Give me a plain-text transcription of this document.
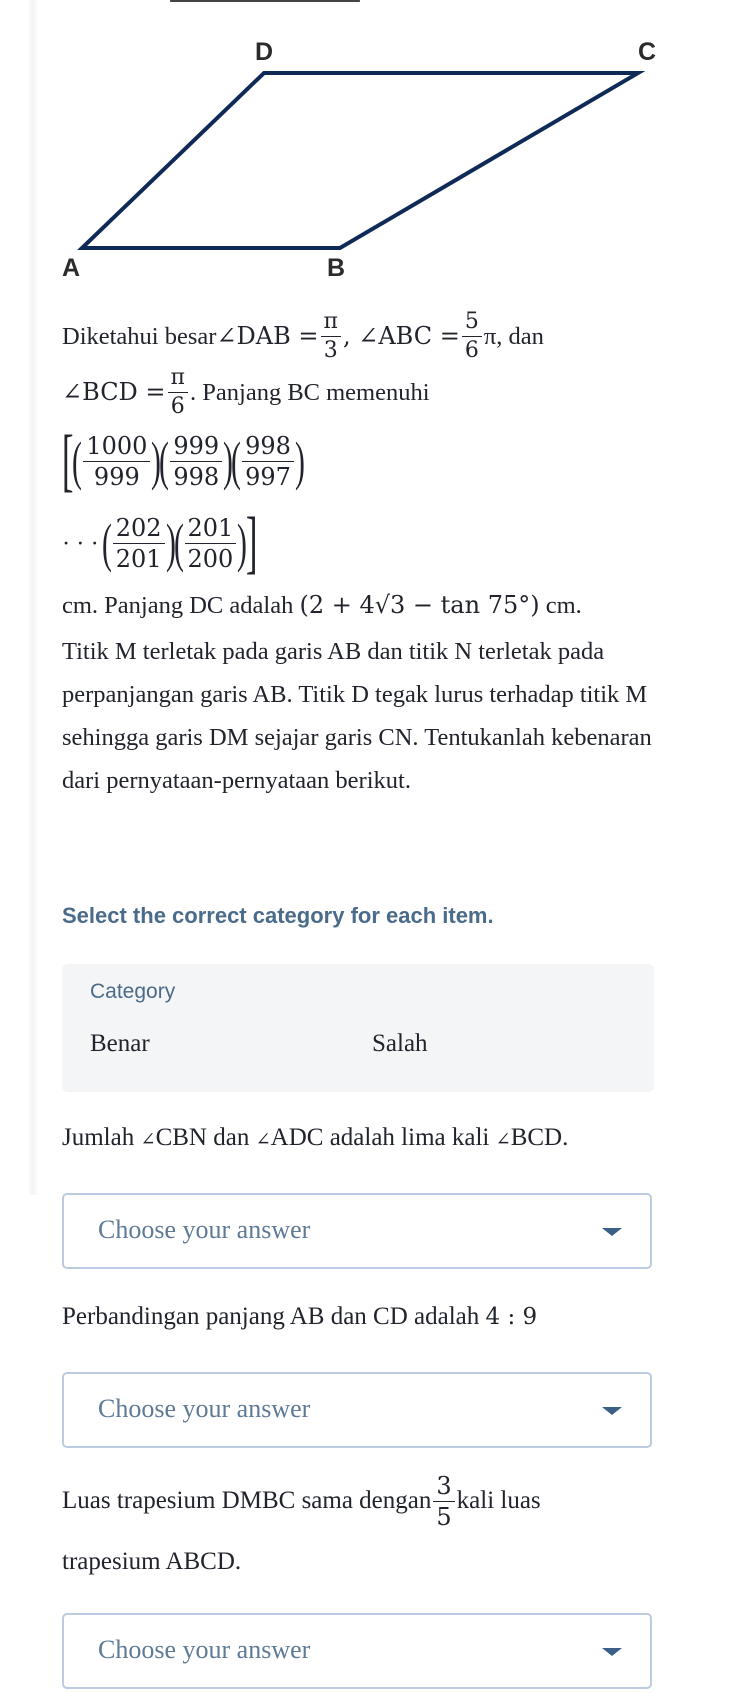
D	C
A	B
Diketahui besar ∠DAB = $\frac{\pi}{3}$ , ∠ABC = $\frac{5}{6} \pi$, dan
∠BCD = $\frac{\pi}{6}$ . Panjang BC memenuhi
[
( $\frac{1000}{999}$ )
( $\frac{999}{998}$ )
( $\frac{998}{997}$ )
· · · ( $\frac{202}{201}$ )
( $\frac{201}{200}$ )
]
cm. Panjang DC adalah (2 + 4√3 − tan 75°) cm.
Titik M terletak pada garis AB dan titik N terletak pada perpanjangan garis AB. Titik D tegak lurus terhadap titik M sehingga garis DM sejajar garis CN. Tentukanlah kebenaran dari pernyataan-pernyataan berikut.
Select the correct category for each item.
Category
Benar	Salah
Jumlah ∠CBN dan ∠ADC adalah lima kali ∠BCD.
Choose your answer
Perbandingan panjang AB dan CD adalah 4 : 9
Choose your answer
Luas trapesium DMBC sama dengan $\frac{3}{5}$ kali luas
trapesium ABCD.
Choose your answer
